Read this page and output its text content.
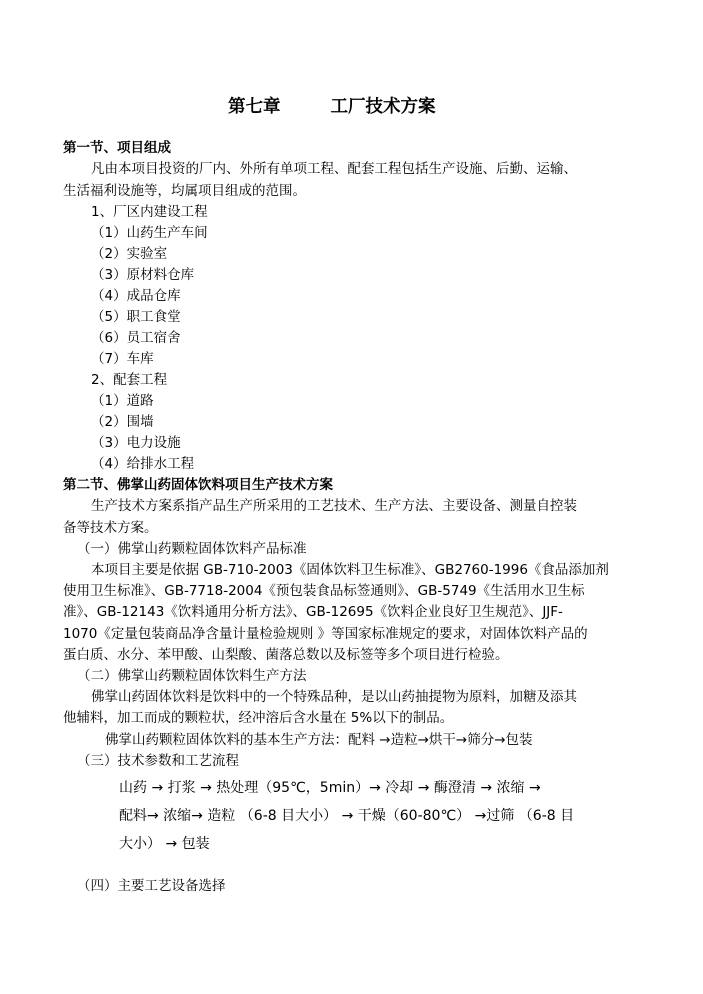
第七章	工厂技术方案
第一节、项目组成
凡由本项目投资的厂内、外所有单项工程、配套工程包括生产设施、后勤、运输、
生活福利设施等，均属项目组成的范围。
1、厂区内建设工程
（1）山药生产车间
（2）实验室
（3）原材料仓库
（4）成品仓库
（5）职工食堂
（6）员工宿舍
（7）车库
2、配套工程
（1）道路
（2）围墙
（3）电力设施
（4）给排水工程
第二节、佛掌山药固体饮料项目生产技术方案
生产技术方案系指产品生产所采用的工艺技术、生产方法、主要设备、测量自控装
备等技术方案。
（一）佛掌山药颗粒固体饮料产品标准
本项目主要是依据 GB-710-2003《固体饮料卫生标准》、GB2760-1996《食品添加剂
使用卫生标准》、GB-7718-2004《预包装食品标签通则》、GB-5749《生活用水卫生标
准》、GB-12143《饮料通用分析方法》、GB-12695《饮料企业良好卫生规范》、JJF-
1070《定量包装商品净含量计量检验规则 》等国家标准规定的要求，对固体饮料产品的
蛋白质、水分、苯甲酸、山梨酸、菌落总数以及标签等多个项目进行检验。
（二）佛掌山药颗粒固体饮料生产方法
佛掌山药固体饮料是饮料中的一个特殊品种，是以山药抽提物为原料，加糖及添其
他辅料，加工而成的颗粒状，经冲溶后含水量在 5%以下的制品。
佛掌山药颗粒固体饮料的基本生产方法：配料 →造粒→烘干→筛分→包装
（三）技术参数和工艺流程
山药 → 打浆 → 热处理（95℃，5min）→ 冷却 → 酶澄清 → 浓缩 →
配料→ 浓缩→ 造粒 （6-8 目大小） → 干燥（60-80℃） →过筛 （6-8 目
大小） → 包装
（四）主要工艺设备选择
